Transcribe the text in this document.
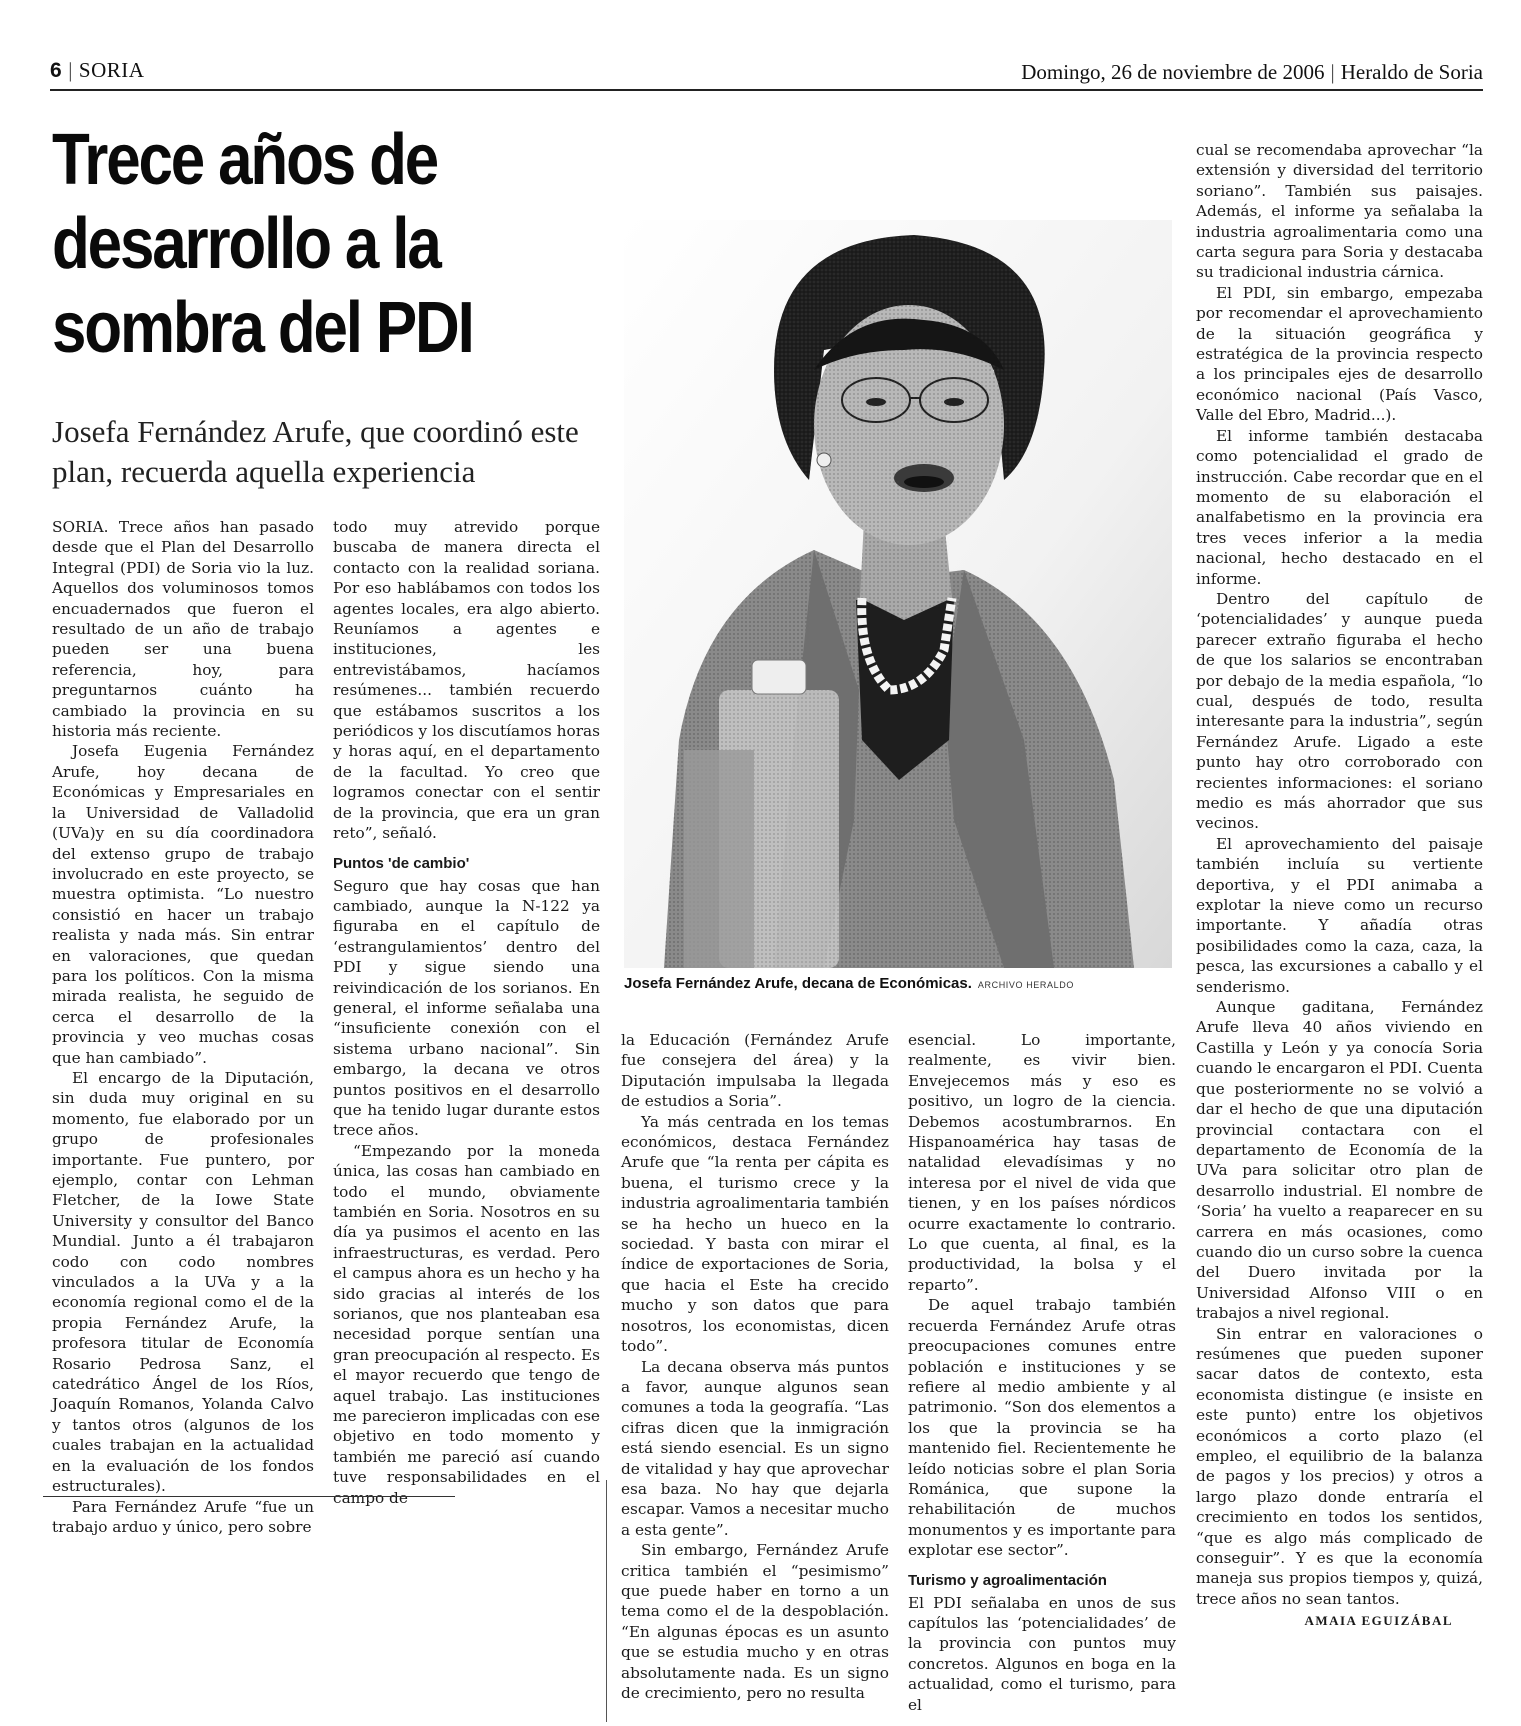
6 | SORIA	Domingo, 26 de noviembre de 2006 | Heraldo de Soria
Trece años de desarrollo a la sombra del PDI

Josefa Fernández Arufe, que coordinó este plan, recuerda aquella experiencia

Josefa Fernández Arufe, decana de Económicas. ARCHIVO HERALDO

SORIA. Trece años han pasado desde que el Plan del Desarrollo Integral (PDI) de Soria vio la luz. Aquellos dos voluminosos tomos encuadernados que fueron el resultado de un año de trabajo pueden ser una buena referencia, hoy, para preguntarnos cuánto ha cambiado la provincia en su historia más reciente.

Josefa Eugenia Fernández Arufe, hoy decana de Económicas y Empresariales en la Universidad de Valladolid (UVa)y en su día coordinadora del extenso grupo de trabajo involucrado en este proyecto, se muestra optimista. “Lo nuestro consistió en hacer un trabajo realista y nada más. Sin entrar en valoraciones, que quedan para los políticos. Con la misma mirada realista, he seguido de cerca el desarrollo de la provincia y veo muchas cosas que han cambiado”.

El encargo de la Diputación, sin duda muy original en su momento, fue elaborado por un grupo de profesionales importante. Fue puntero, por ejemplo, contar con Lehman Fletcher, de la Iowe State University y consultor del Banco Mundial. Junto a él trabajaron codo con codo nombres vinculados a la UVa y a la economía regional como el de la propia Fernández Arufe, la profesora titular de Economía Rosario Pedrosa Sanz, el catedrático Ángel de los Ríos, Joaquín Romanos, Yolanda Calvo y tantos otros (algunos de los cuales trabajan en la actualidad en la evaluación de los fondos estructurales).

Para Fernández Arufe “fue un trabajo arduo y único, pero sobre

todo muy atrevido porque buscaba de manera directa el contacto con la realidad soriana. Por eso hablábamos con todos los agentes locales, era algo abierto. Reuníamos a agentes e instituciones, les entrevistábamos, hacíamos resúmenes... también recuerdo que estábamos suscritos a los periódicos y los discutíamos horas y horas aquí, en el departamento de la facultad. Yo creo que logramos conectar con el sentir de la provincia, que era un gran reto”, señaló.

Puntos 'de cambio'

Seguro que hay cosas que han cambiado, aunque la N-122 ya figuraba en el capítulo de ‘estrangulamientos’ dentro del PDI y sigue siendo una reivindicación de los sorianos. En general, el informe señalaba una “insuficiente conexión con el sistema urbano nacional”. Sin embargo, la decana ve otros puntos positivos en el desarrollo que ha tenido lugar durante estos trece años.

“Empezando por la moneda única, las cosas han cambiado en todo el mundo, obviamente también en Soria. Nosotros en su día ya pusimos el acento en las infraestructuras, es verdad. Pero el campus ahora es un hecho y ha sido gracias al interés de los sorianos, que nos planteaban esa necesidad porque sentían una gran preocupación al respecto. Es el mayor recuerdo que tengo de aquel trabajo. Las instituciones me parecieron implicadas con ese objetivo en todo momento y también me pareció así cuando tuve responsabilidades en el campo de

la Educación (Fernández Arufe fue consejera del área) y la Diputación impulsaba la llegada de estudios a Soria”.

Ya más centrada en los temas económicos, destaca Fernández Arufe que “la renta per cápita es buena, el turismo crece y la industria agroalimentaria también se ha hecho un hueco en la sociedad. Y basta con mirar el índice de exportaciones de Soria, que hacia el Este ha crecido mucho y son datos que para nosotros, los economistas, dicen todo”.

La decana observa más puntos a favor, aunque algunos sean comunes a toda la geografía. “Las cifras dicen que la inmigración está siendo esencial. Es un signo de vitalidad y hay que aprovechar esa baza. No hay que dejarla escapar. Vamos a necesitar mucho a esta gente”.

Sin embargo, Fernández Arufe critica también el “pesimismo” que puede haber en torno a un tema como el de la despoblación. “En algunas épocas es un asunto que se estudia mucho y en otras absolutamente nada. Es un signo de crecimiento, pero no resulta

esencial. Lo importante, realmente, es vivir bien. Envejecemos más y eso es positivo, un logro de la ciencia. Debemos acostumbrarnos. En Hispanoamérica hay tasas de natalidad elevadísimas y no interesa por el nivel de vida que tienen, y en los países nórdicos ocurre exactamente lo contrario. Lo que cuenta, al final, es la productividad, la bolsa y el reparto”.

De aquel trabajo también recuerda Fernández Arufe otras preocupaciones comunes entre población e instituciones y se refiere al medio ambiente y al patrimonio. “Son dos elementos a los que la provincia se ha mantenido fiel. Recientemente he leído noticias sobre el plan Soria Románica, que supone la rehabilitación de muchos monumentos y es importante para explotar ese sector”.

Turismo y agroalimentación

El PDI señalaba en unos de sus capítulos las ‘potencialidades’ de la provincia con puntos muy concretos. Algunos en boga en la actualidad, como el turismo, para el

cual se recomendaba aprovechar “la extensión y diversidad del territorio soriano”. También sus paisajes. Además, el informe ya señalaba la industria agroalimentaria como una carta segura para Soria y destacaba su tradicional industria cárnica.

El PDI, sin embargo, empezaba por recomendar el aprovechamiento de la situación geográfica y estratégica de la provincia respecto a los principales ejes de desarrollo económico nacional (País Vasco, Valle del Ebro, Madrid...).

El informe también destacaba como potencialidad el grado de instrucción. Cabe recordar que en el momento de su elaboración el analfabetismo en la provincia era tres veces inferior a la media nacional, hecho destacado en el informe.

Dentro del capítulo de ‘potencialidades’ y aunque pueda parecer extraño figuraba el hecho de que los salarios se encontraban por debajo de la media española, “lo cual, después de todo, resulta interesante para la industria”, según Fernández Arufe. Ligado a este punto hay otro corroborado con recientes informaciones: el soriano medio es más ahorrador que sus vecinos.

El aprovechamiento del paisaje también incluía su vertiente deportiva, y el PDI animaba a explotar la nieve como un recurso importante. Y añadía otras posibilidades como la caza, caza, la pesca, las excursiones a caballo y el senderismo.

Aunque gaditana, Fernández Arufe lleva 40 años viviendo en Castilla y León y ya conocía Soria cuando le encargaron el PDI. Cuenta que posteriormente no se volvió a dar el hecho de que una diputación provincial contactara con el departamento de Economía de la UVa para solicitar otro plan de desarrollo industrial. El nombre de ‘Soria’ ha vuelto a reaparecer en su carrera en más ocasiones, como cuando dio un curso sobre la cuenca del Duero invitada por la Universidad Alfonso VIII o en trabajos a nivel regional.

Sin entrar en valoraciones o resúmenes que pueden suponer sacar datos de contexto, esta economista distingue (e insiste en este punto) entre los objetivos económicos a corto plazo (el empleo, el equilibrio de la balanza de pagos y los precios) y otros a largo plazo donde entraría el crecimiento en todos los sentidos, “que es algo más complicado de conseguir”. Y es que la economía maneja sus propios tiempos y, quizá, trece años no sean tantos.

AMAIA EGUIZÁBAL
